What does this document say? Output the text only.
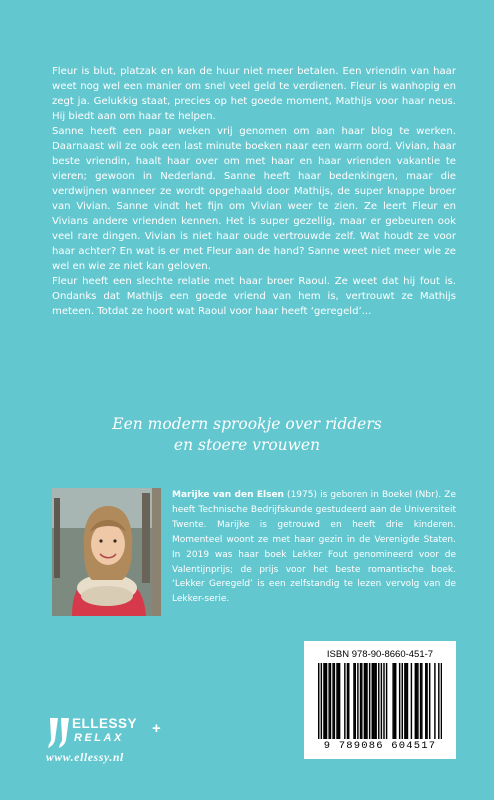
Fleur is blut, platzak en kan de huur niet meer betalen. Een vriendin van haar weet nog wel een manier om snel veel geld te verdienen. Fleur is wanhopig en zegt ja. Gelukkig staat, precies op het goede moment, Mathijs voor haar neus. Hij biedt aan om haar te helpen.

Sanne heeft een paar weken vrij genomen om aan haar blog te werken. Daarnaast wil ze ook een last minute boeken naar een warm oord. Vivian, haar beste vriendin, haalt haar over om met haar en haar vrienden vakantie te vieren; gewoon in Nederland. Sanne heeft haar bedenkingen, maar die verdwijnen wanneer ze wordt opgehaald door Mathijs, de super knappe broer van Vivian. Sanne vindt het fijn om Vivian weer te zien. Ze leert Fleur en Vivians andere vrienden kennen. Het is super gezellig, maar er gebeuren ook veel rare dingen. Vivian is niet haar oude vertrouwde zelf. Wat houdt ze voor haar achter? En wat is er met Fleur aan de hand? Sanne weet niet meer wie ze wel en wie ze niet kan geloven.

Fleur heeft een slechte relatie met haar broer Raoul. Ze weet dat hij fout is. Ondanks dat Mathijs een goede vriend van hem is, vertrouwt ze Mathijs meteen. Totdat ze hoort wat Raoul voor haar heeft ‘geregeld’...

Een modern sprookje over ridders
en stoere vrouwen
Marijke van den Elsen (1975) is geboren in Boekel (Nbr). Ze heeft Technische Bedrijfskunde gestudeerd aan de Universiteit Twente. Marijke is getrouwd en heeft drie kinderen. Momenteel woont ze met haar gezin in de Verenigde Staten. In 2019 was haar boek Lekker Fout genomineerd voor de Valentijnprijs; de prijs voor het beste romantische boek. ‘Lekker Geregeld’ is een zelfstandig te lezen vervolg van de Lekker-serie.
ISBN 978-90-8660-451-7
9 789086 604517
ELLESSY
RELAX
+
www.ellessy.nl
